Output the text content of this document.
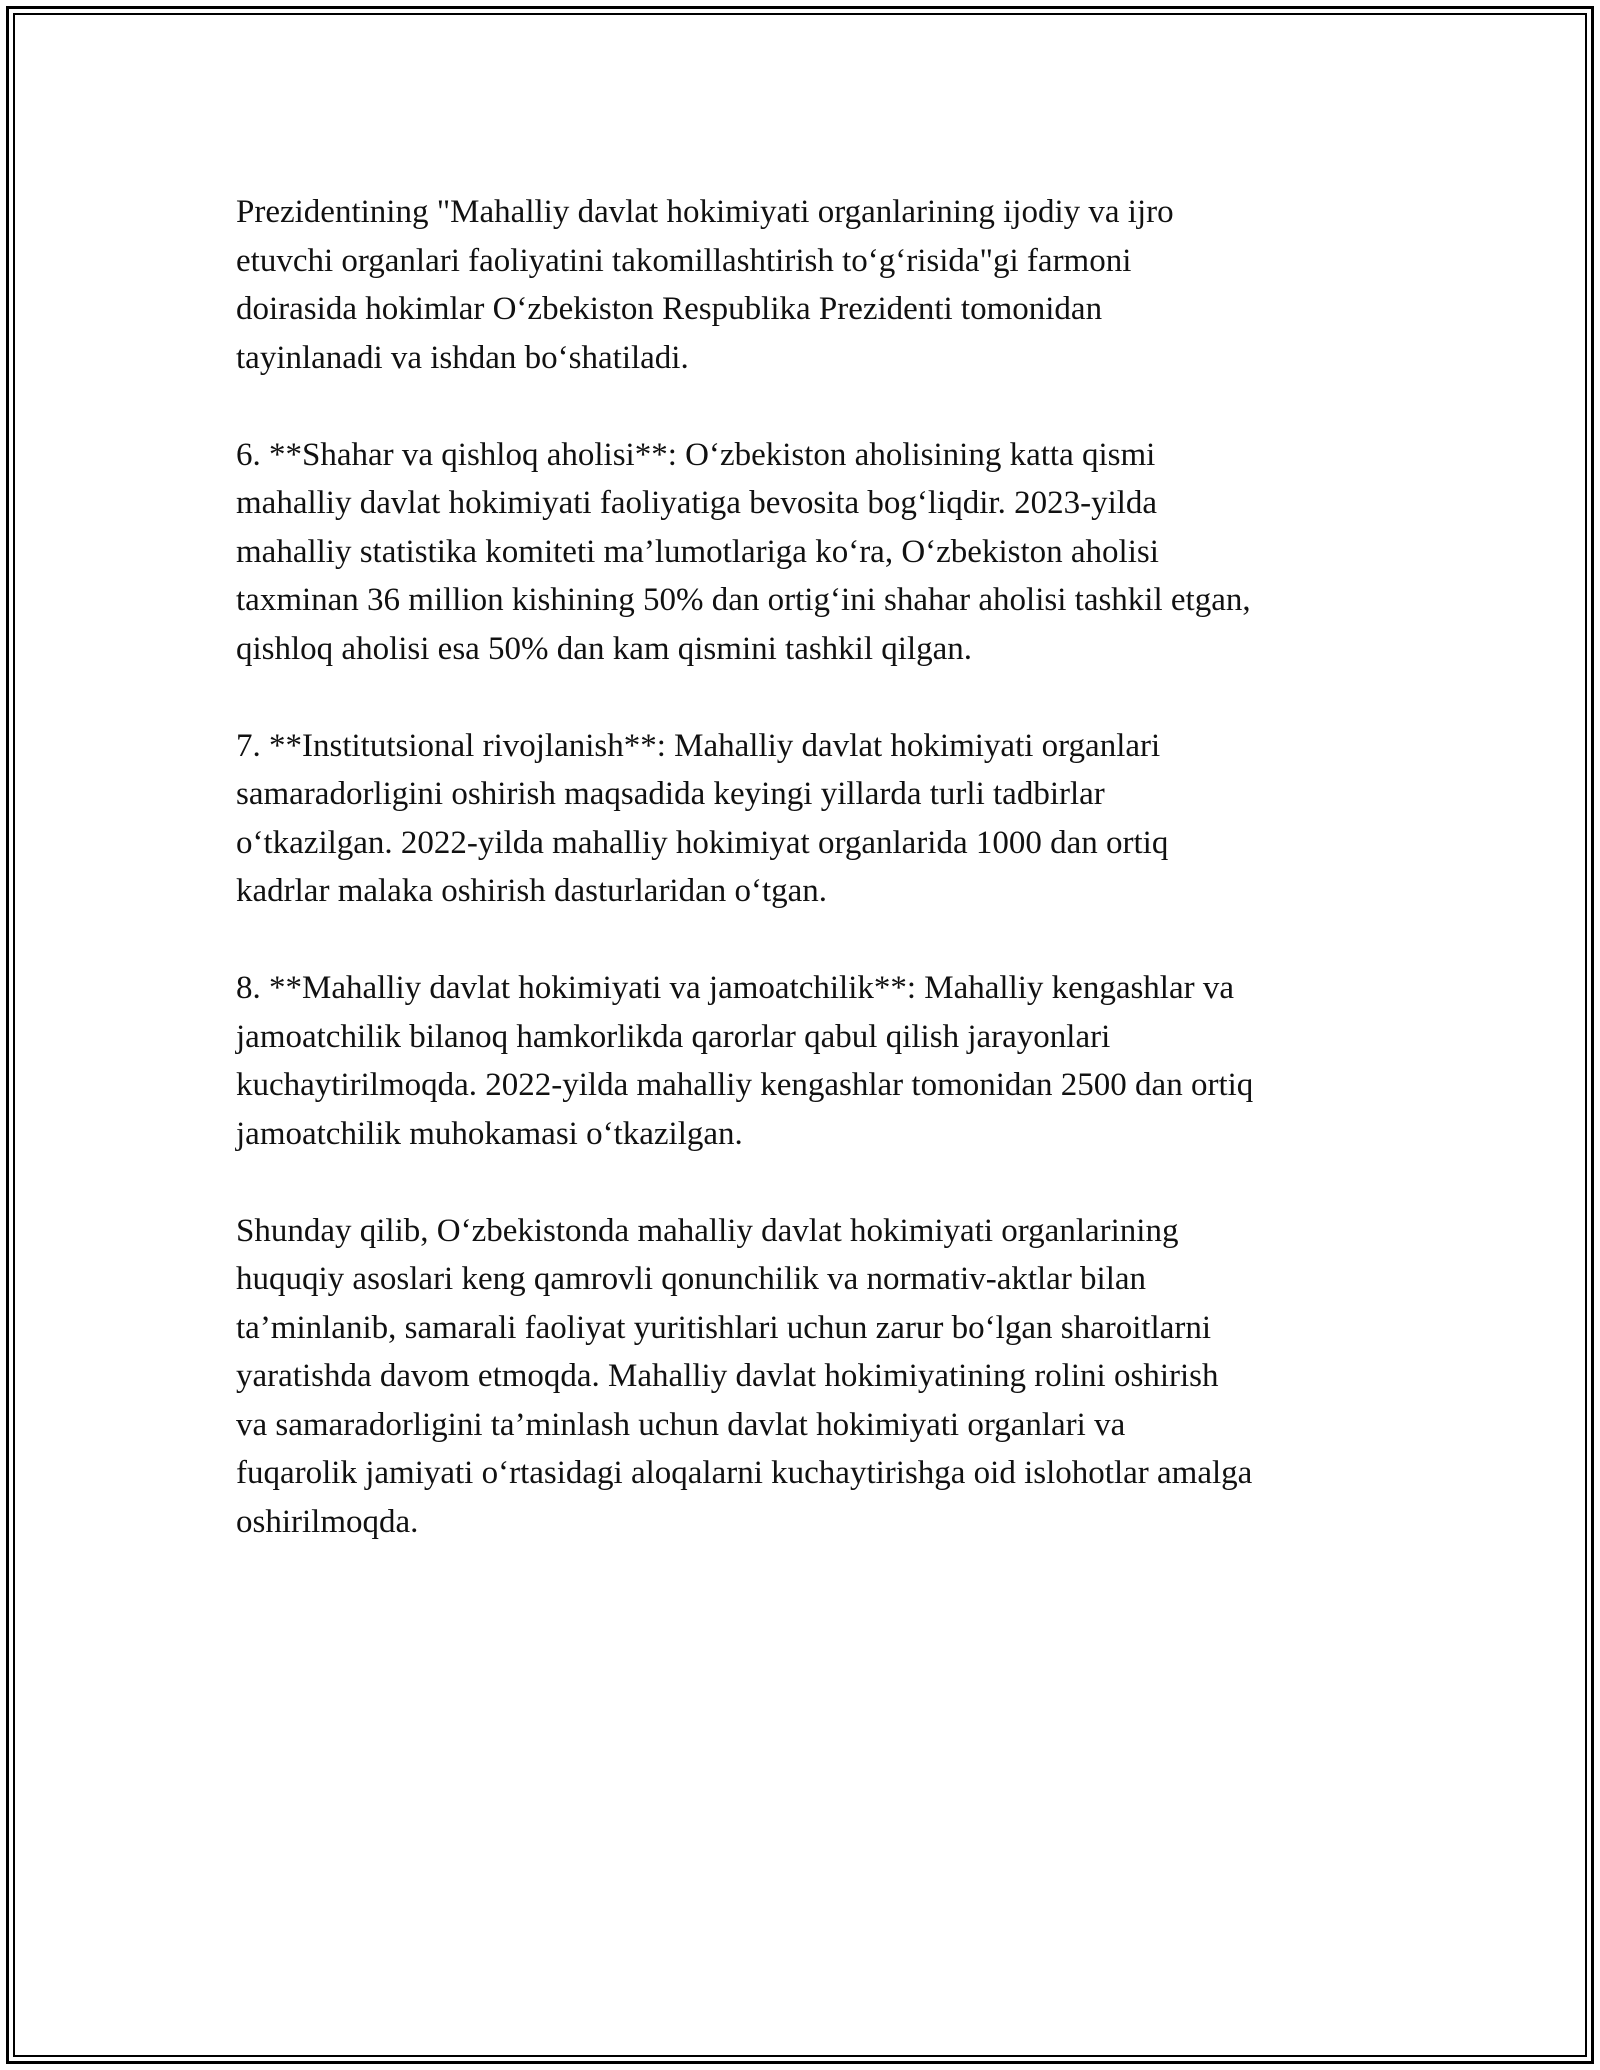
Prezidentining "Mahalliy davlat hokimiyati organlarining ijodiy va ijro
etuvchi organlari faoliyatini takomillashtirish to‘g‘risida"gi farmoni
doirasida hokimlar O‘zbekiston Respublika Prezidenti tomonidan
tayinlanadi va ishdan bo‘shatiladi.

6. **Shahar va qishloq aholisi**: O‘zbekiston aholisining katta qismi
mahalliy davlat hokimiyati faoliyatiga bevosita bog‘liqdir. 2023-yilda
mahalliy statistika komiteti ma’lumotlariga ko‘ra, O‘zbekiston aholisi
taxminan 36 million kishining 50% dan ortig‘ini shahar aholisi tashkil etgan,
qishloq aholisi esa 50% dan kam qismini tashkil qilgan.

7. **Institutsional rivojlanish**: Mahalliy davlat hokimiyati organlari
samaradorligini oshirish maqsadida keyingi yillarda turli tadbirlar
o‘tkazilgan. 2022-yilda mahalliy hokimiyat organlarida 1000 dan ortiq
kadrlar malaka oshirish dasturlaridan o‘tgan.

8. **Mahalliy davlat hokimiyati va jamoatchilik**: Mahalliy kengashlar va
jamoatchilik bilanoq hamkorlikda qarorlar qabul qilish jarayonlari
kuchaytirilmoqda. 2022-yilda mahalliy kengashlar tomonidan 2500 dan ortiq
jamoatchilik muhokamasi o‘tkazilgan.

Shunday qilib, O‘zbekistonda mahalliy davlat hokimiyati organlarining
huquqiy asoslari keng qamrovli qonunchilik va normativ-aktlar bilan
ta’minlanib, samarali faoliyat yuritishlari uchun zarur bo‘lgan sharoitlarni
yaratishda davom etmoqda. Mahalliy davlat hokimiyatining rolini oshirish
va samaradorligini ta’minlash uchun davlat hokimiyati organlari va
fuqarolik jamiyati o‘rtasidagi aloqalarni kuchaytirishga oid islohotlar amalga
oshirilmoqda.
